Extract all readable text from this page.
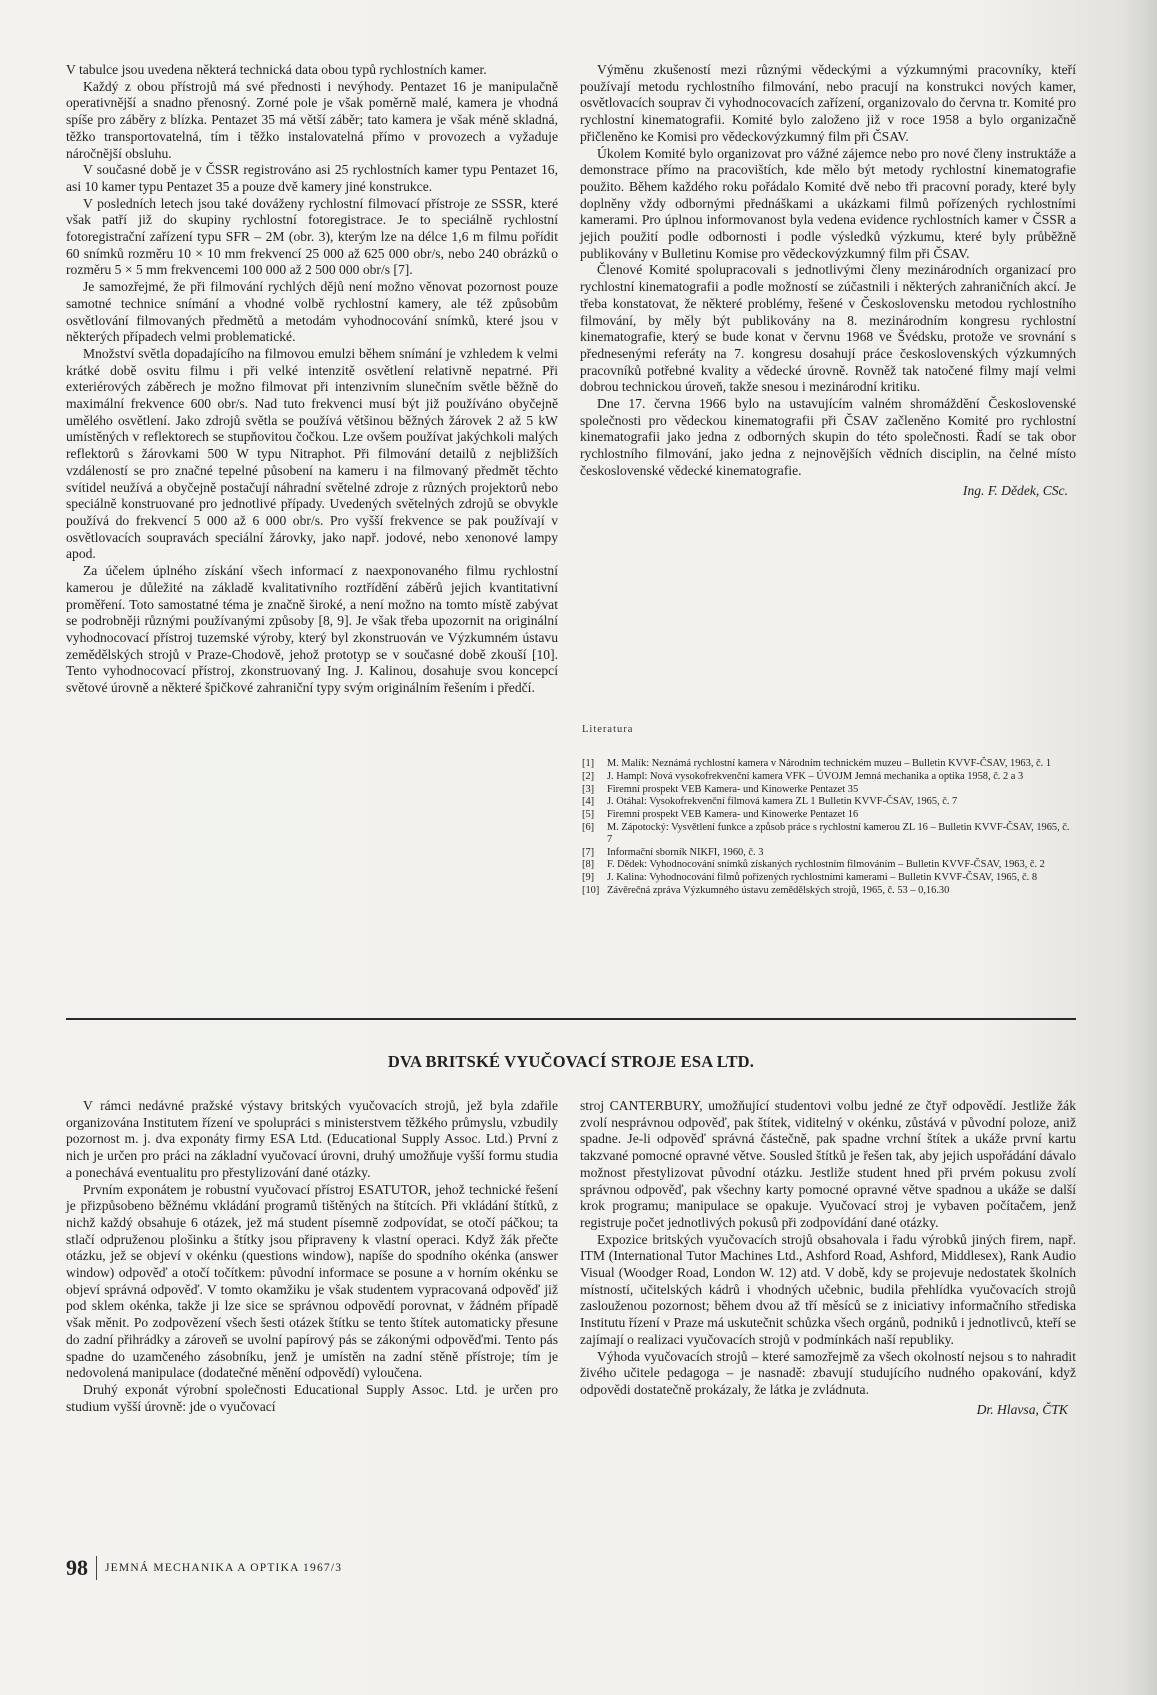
V tabulce jsou uvedena některá technická data obou typů rychlostních kamer.

Každý z obou přístrojů má své přednosti i nevýhody. Pentazet 16 je manipulačně operativnější a snadno přenosný. Zorné pole je však poměrně malé, kamera je vhodná spíše pro záběry z blízka. Pentazet 35 má větší záběr; tato kamera je však méně skladná, těžko transportovatelná, tím i těžko instalovatelná přímo v provozech a vyžaduje náročnější obsluhu.

V současné době je v ČSSR registrováno asi 25 rychlostních kamer typu Pentazet 16, asi 10 kamer typu Pentazet 35 a pouze dvě kamery jiné konstrukce.

V posledních letech jsou také dováženy rychlostní filmovací přístroje ze SSSR, které však patří již do skupiny rychlostní fotoregistrace. Je to speciálně rychlostní fotoregistrační zařízení typu SFR – 2M (obr. 3), kterým lze na délce 1,6 m filmu pořídit 60 snímků rozměru 10 × 10 mm frekvencí 25 000 až 625 000 obr/s, nebo 240 obrázků o rozměru 5 × 5 mm frekvencemi 100 000 až 2 500 000 obr/s [7].

Je samozřejmé, že při filmování rychlých dějů není možno věnovat pozornost pouze samotné technice snímání a vhodné volbě rychlostní kamery, ale též způsobům osvětlování filmovaných předmětů a metodám vyhodnocování snímků, které jsou v některých případech velmi problematické.

Množství světla dopadajícího na filmovou emulzi během snímání je vzhledem k velmi krátké době osvitu filmu i při velké intenzitě osvětlení relativně nepatrné. Při exteriérových záběrech je možno filmovat při intenzivním slunečním světle běžně do maximální frekvence 600 obr/s. Nad tuto frekvenci musí být již používáno obyčejně umělého osvětlení. Jako zdrojů světla se používá většinou běžných žárovek 2 až 5 kW umístěných v reflektorech se stupňovitou čočkou. Lze ovšem používat jakýchkoli malých reflektorů s žárovkami 500 W typu Nitraphot. Při filmování detailů z nejbližších vzdáleností se pro značné tepelné působení na kameru i na filmovaný předmět těchto svítidel neužívá a obyčejně postačují náhradní světelné zdroje z různých projektorů nebo speciálně konstruované pro jednotlivé případy. Uvedených světelných zdrojů se obvykle používá do frekvencí 5 000 až 6 000 obr/s. Pro vyšší frekvence se pak používají v osvětlovacích soupravách speciální žárovky, jako např. jodové, nebo xenonové lampy apod.

Za účelem úplného získání všech informací z naexponovaného filmu rychlostní kamerou je důležité na základě kvalitativního roztřídění záběrů jejich kvantitativní proměření. Toto samostatné téma je značně široké, a není možno na tomto místě zabývat se podrobněji různými používanými způsoby [8, 9]. Je však třeba upozornit na originální vyhodnocovací přístroj tuzemské výroby, který byl zkonstruován ve Výzkumném ústavu zemědělských strojů v Praze-Chodově, jehož prototyp se v současné době zkouší [10]. Tento vyhodnocovací přístroj, zkonstruovaný Ing. J. Kalinou, dosahuje svou koncepcí světové úrovně a některé špičkové zahraniční typy svým originálním řešením i předčí.

Výměnu zkušeností mezi různými vědeckými a výzkumnými pracovníky, kteří používají metodu rychlostního filmování, nebo pracují na konstrukci nových kamer, osvětlovacích souprav či vyhodnocovacích zařízení, organizovalo do června tr. Komité pro rychlostní kinematografii. Komité bylo založeno již v roce 1958 a bylo organizačně přičleněno ke Komisi pro vědeckovýzkumný film při ČSAV.

Úkolem Komité bylo organizovat pro vážné zájemce nebo pro nové členy instruktáže a demonstrace přímo na pracovištích, kde mělo být metody rychlostní kinematografie použito. Během každého roku pořádalo Komité dvě nebo tři pracovní porady, které byly doplněny vždy odbornými přednáškami a ukázkami filmů pořízených rychlostními kamerami. Pro úplnou informovanost byla vedena evidence rychlostních kamer v ČSSR a jejich použití podle odbornosti i podle výsledků výzkumu, které byly průběžně publikovány v Bulletinu Komise pro vědeckovýzkumný film při ČSAV.

Členové Komité spolupracovali s jednotlivými členy mezinárodních organizací pro rychlostní kinematografii a podle možností se zúčastnili i některých zahraničních akcí. Je třeba konstatovat, že některé problémy, řešené v Československu metodou rychlostního filmování, by měly být publikovány na 8. mezinárodním kongresu rychlostní kinematografie, který se bude konat v červnu 1968 ve Švédsku, protože ve srovnání s přednesenými referáty na 7. kongresu dosahují práce československých výzkumných pracovníků potřebné kvality a vědecké úrovně. Rovněž tak natočené filmy mají velmi dobrou technickou úroveň, takže snesou i mezinárodní kritiku.

Dne 17. června 1966 bylo na ustavujícím valném shromáždění Československé společnosti pro vědeckou kinematografii při ČSAV začleněno Komité pro rychlostní kinematografii jako jedna z odborných skupin do této společnosti. Řadí se tak obor rychlostního filmování, jako jedna z nejnovějších vědních disciplin, na čelné místo československé vědecké kinematografie.

Ing. F. Dědek, CSc.

Literatura
[1]	M. Malík: Neznámá rychlostní kamera v Národním technickém muzeu – Bulletin KVVF-ČSAV, 1963, č. 1
[2]	J. Hampl: Nová vysokofrekvenční kamera VFK – ÚVOJM Jemná mechanika a optika 1958, č. 2 a 3
[3]	Firemní prospekt VEB Kamera- und Kinowerke Pentazet 35
[4]	J. Otáhal: Vysokofrekvenční filmová kamera ZL 1 Bulletin KVVF-ČSAV, 1965, č. 7
[5]	Firemní prospekt VEB Kamera- und Kinowerke Pentazet 16
[6]	M. Zápotocký: Vysvětlení funkce a způsob práce s rychlostní kamerou ZL 16 – Bulletin KVVF-ČSAV, 1965, č. 7
[7]	Informační sborník NIKFI, 1960, č. 3
[8]	F. Dědek: Vyhodnocování snímků získaných rychlostním filmováním – Bulletin KVVF-ČSAV, 1963, č. 2
[9]	J. Kalina: Vyhodnocování filmů pořízených rychlostními kamerami – Bulletin KVVF-ČSAV, 1965, č. 8
[10] Závěrečná zpráva Výzkumného ústavu zemědělských strojů, 1965, č. 53 – 0,16.30
DVA BRITSKÉ VYUČOVACÍ STROJE ESA LTD.

V rámci nedávné pražské výstavy britských vyučovacích strojů, jež byla zdařile organizována Institutem řízení ve spolupráci s ministerstvem těžkého průmyslu, vzbudily pozornost m. j. dva exponáty firmy ESA Ltd. (Educational Supply Assoc. Ltd.) První z nich je určen pro práci na základní vyučovací úrovni, druhý umožňuje vyšší formu studia a ponechává eventualitu pro přestylizování dané otázky.

Prvním exponátem je robustní vyučovací přístroj ESATUTOR, jehož technické řešení je přizpůsobeno běžnému vkládání programů tištěných na štítcích. Při vkládání štítků, z nichž každý obsahuje 6 otázek, jež má student písemně zodpovídat, se otočí páčkou; ta stlačí odpruženou plošinku a štítky jsou připraveny k vlastní operaci. Když žák přečte otázku, jež se objeví v okénku (questions window), napíše do spodního okénka (answer window) odpověď a otočí točítkem: původní informace se posune a v horním okénku se objeví správná odpověď. V tomto okamžiku je však studentem vypracovaná odpověď již pod sklem okénka, takže ji lze sice se správnou odpovědí porovnat, v žádném případě však měnit. Po zodpovězení všech šesti otázek štítku se tento štítek automaticky přesune do zadní přihrádky a zároveň se uvolní papírový pás se zákonými odpověďmi. Tento pás spadne do uzamčeného zásobníku, jenž je umístěn na zadní stěně přístroje; tím je nedovolená manipulace (dodatečné měnění odpovědí) vyloučena.

Druhý exponát výrobní společnosti Educational Supply Assoc. Ltd. je určen pro studium vyšší úrovně: jde o vyučovací

stroj CANTERBURY, umožňující studentovi volbu jedné ze čtyř odpovědí. Jestliže žák zvolí nesprávnou odpověď, pak štítek, viditelný v okénku, zůstává v původní poloze, aniž spadne. Je-li odpověď správná částečně, pak spadne vrchní štítek a ukáže první kartu takzvané pomocné opravné větve. Sousled štítků je řešen tak, aby jejich uspořádání dávalo možnost přestylizovat původní otázku. Jestliže student hned při prvém pokusu zvolí správnou odpověď, pak všechny karty pomocné opravné větve spadnou a ukáže se další krok programu; manipulace se opakuje. Vyučovací stroj je vybaven počítačem, jenž registruje počet jednotlivých pokusů při zodpovídání dané otázky.

Expozice britských vyučovacích strojů obsahovala i řadu výrobků jiných firem, např. ITM (International Tutor Machines Ltd., Ashford Road, Ashford, Middlesex), Rank Audio Visual (Woodger Road, London W. 12) atd. V době, kdy se projevuje nedostatek školních místností, učitelských kádrů i vhodných učebnic, budila přehlídka vyučovacích strojů zaslouženou pozornost; během dvou až tří měsíců se z iniciativy informačního střediska Institutu řízení v Praze má uskutečnit schůzka všech orgánů, podniků i jednotlivců, kteří se zajímají o realizaci vyučovacích strojů v podmínkách naší republiky.

Výhoda vyučovacích strojů – které samozřejmě za všech okolností nejsou s to nahradit živého učitele pedagoga – je nasnadě: zbavují studujícího nudného opakování, když odpovědi dostatečně prokázaly, že látka je zvládnuta.

Dr. Hlavsa, ČTK

98 JEMNÁ MECHANIKA A OPTIKA 1967/3
